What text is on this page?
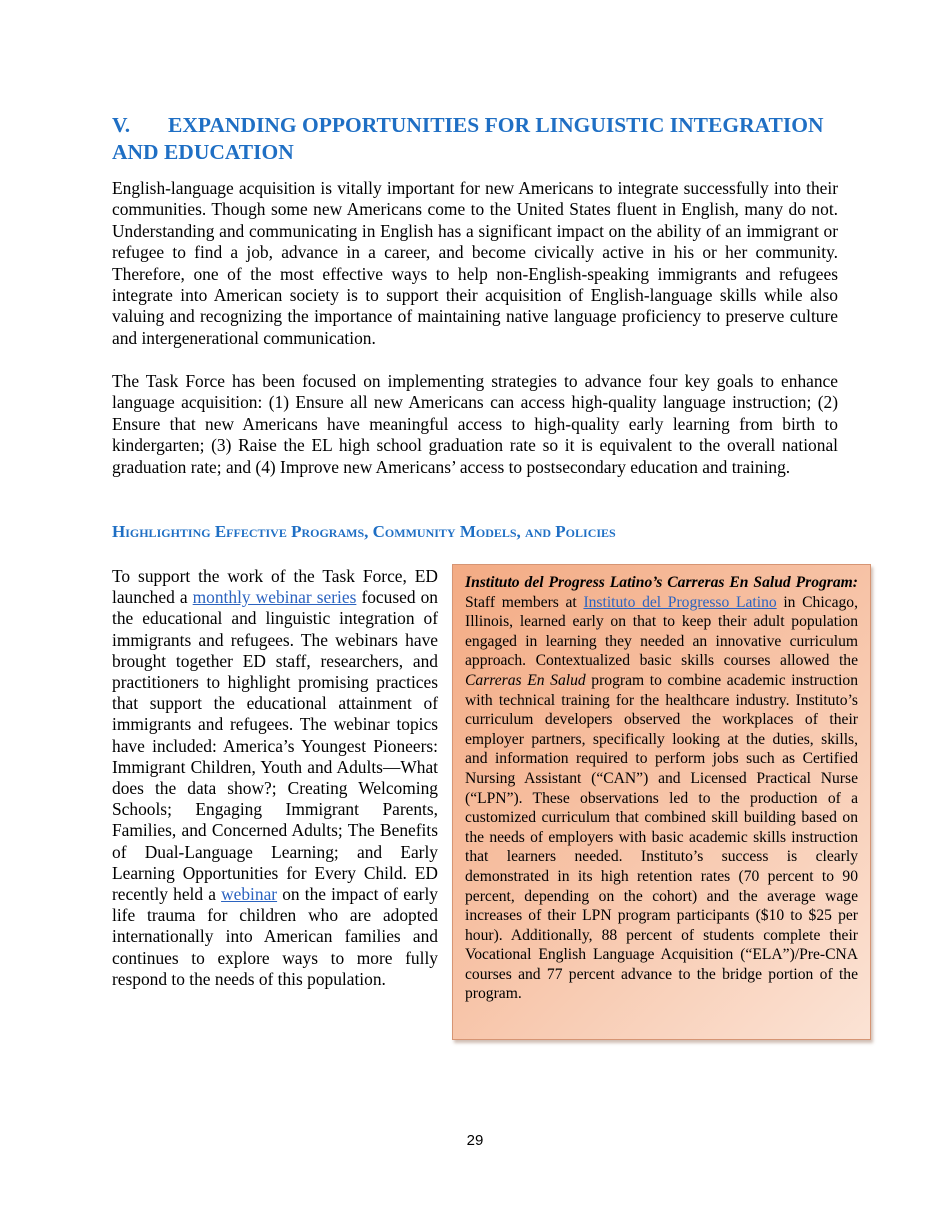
V. EXPANDING OPPORTUNITIES FOR LINGUISTIC INTEGRATION AND EDUCATION

English-language acquisition is vitally important for new Americans to integrate successfully into their communities. Though some new Americans come to the United States fluent in English, many do not. Understanding and communicating in English has a significant impact on the ability of an immigrant or refugee to find a job, advance in a career, and become civically active in his or her community. Therefore, one of the most effective ways to help non-English-speaking immigrants and refugees integrate into American society is to support their acquisition of English-language skills while also valuing and recognizing the importance of maintaining native language proficiency to preserve culture and intergenerational communication.

The Task Force has been focused on implementing strategies to advance four key goals to enhance language acquisition: (1) Ensure all new Americans can access high-quality language instruction; (2) Ensure that new Americans have meaningful access to high-quality early learning from birth to kindergarten; (3) Raise the EL high school graduation rate so it is equivalent to the overall national graduation rate; and (4) Improve new Americans’ access to postsecondary education and training.

Highlighting Effective Programs, Community Models, and Policies

To support the work of the Task Force, ED launched a monthly webinar series focused on the educational and linguistic integration of immigrants and refugees. The webinars have brought together ED staff, researchers, and practitioners to highlight promising practices that support the educational attainment of immigrants and refugees. The webinar topics have included: America’s Youngest Pioneers: Immigrant Children, Youth and Adults—What does the data show?; Creating Welcoming Schools; Engaging Immigrant Parents, Families, and Concerned Adults; The Benefits of Dual-Language Learning; and Early Learning Opportunities for Every Child. ED recently held a webinar on the impact of early life trauma for children who are adopted internationally into American families and continues to explore ways to more fully respond to the needs of this population.

Instituto del Progress Latino’s Carreras En Salud Program: Staff members at Instituto del Progresso Latino in Chicago, Illinois, learned early on that to keep their adult population engaged in learning they needed an innovative curriculum approach. Contextualized basic skills courses allowed the Carreras En Salud program to combine academic instruction with technical training for the healthcare industry. Instituto’s curriculum developers observed the workplaces of their employer partners, specifically looking at the duties, skills, and information required to perform jobs such as Certified Nursing Assistant (“CAN”) and Licensed Practical Nurse (“LPN”). These observations led to the production of a customized curriculum that combined skill building based on the needs of employers with basic academic skills instruction that learners needed. Instituto’s success is clearly demonstrated in its high retention rates (70 percent to 90 percent, depending on the cohort) and the average wage increases of their LPN program participants ($10 to $25 per hour). Additionally, 88 percent of students complete their Vocational English Language Acquisition (“ELA”)/Pre-CNA courses and 77 percent advance to the bridge portion of the program.

29
